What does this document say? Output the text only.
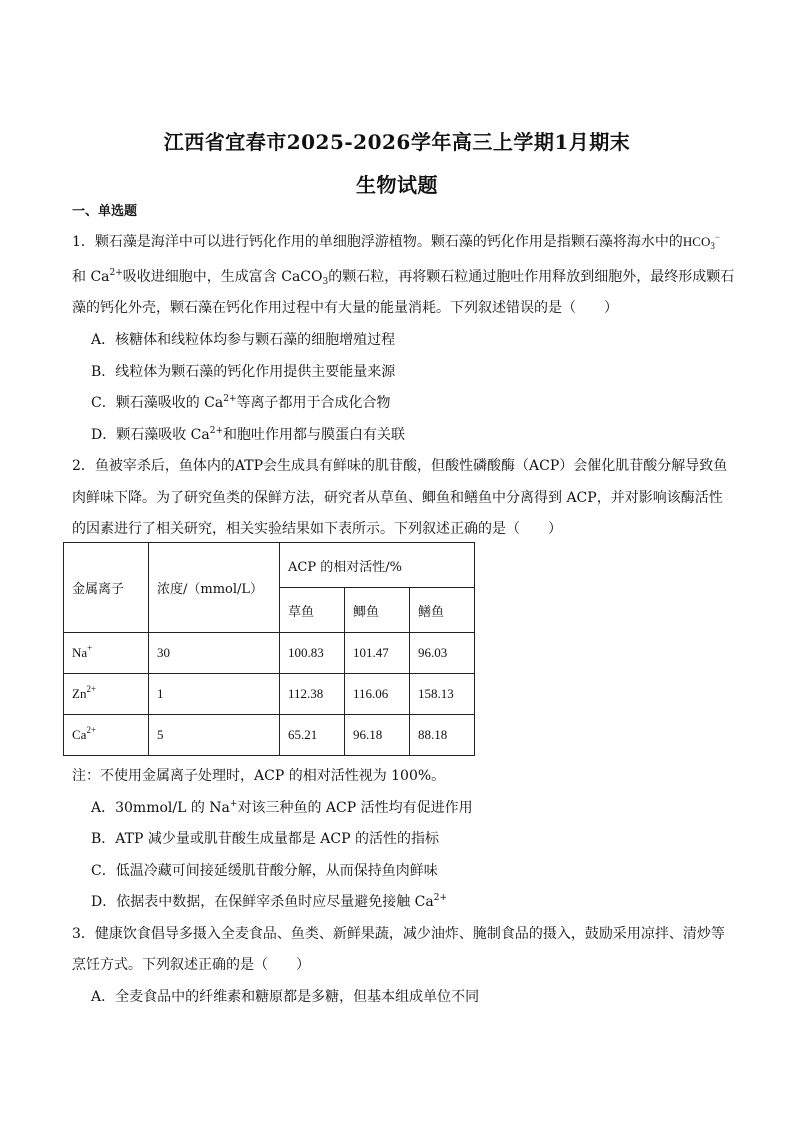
江西省宜春市2025-2026学年高三上学期1月期末
生物试题
一、单选题
1．颗石藻是海洋中可以进行钙化作用的单细胞浮游植物。颗石藻的钙化作用是指颗石藻将海水中的$HCO_3^-$
和 $Ca^{2+}$吸收进细胞中，生成富含 CaCO$_3$的颗石粒，再将颗石粒通过胞吐作用释放到细胞外，最终形成颗石
藻的钙化外壳，颗石藻在钙化作用过程中有大量的能量消耗。下列叙述错误的是（　　）
A．核糖体和线粒体均参与颗石藻的细胞增殖过程
B．线粒体为颗石藻的钙化作用提供主要能量来源
C．颗石藻吸收的 $Ca^{2+}$等离子都用于合成化合物
D．颗石藻吸收 $Ca^{2+}$和胞吐作用都与膜蛋白有关联
2．鱼被宰杀后，鱼体内的ATP会生成具有鲜味的肌苷酸，但酸性磷酸酶（ACP）会催化肌苷酸分解导致鱼
肉鲜味下降。为了研究鱼类的保鲜方法，研究者从草鱼、鲫鱼和鳝鱼中分离得到 ACP，并对影响该酶活性
的因素进行了相关研究，相关实验结果如下表所示。下列叙述正确的是（　　）
金属离子	浓度/（mmol/L）	ACP 的相对活性/%		
		草鱼	鲫鱼	鳝鱼
Na+	30	100.83	101.47	96.03
$Zn^{2+}$	1	112.38	116.06	158.13
$Ca^{2+}$	5	65.21	96.18	88.18
注：不使用金属离子处理时，ACP 的相对活性视为 100%。
A．30mmol/L 的 Na+对该三种鱼的 ACP 活性均有促进作用
B．ATP 减少量或肌苷酸生成量都是 ACP 的活性的指标
C．低温冷藏可间接延缓肌苷酸分解，从而保持鱼肉鲜味
D．依据表中数据，在保鲜宰杀鱼时应尽量避免接触 $Ca^{2+}$
3．健康饮食倡导多摄入全麦食品、鱼类、新鲜果蔬，减少油炸、腌制食品的摄入，鼓励采用凉拌、清炒等
烹饪方式。下列叙述正确的是（　　）
A．全麦食品中的纤维素和糖原都是多糖，但基本组成单位不同
